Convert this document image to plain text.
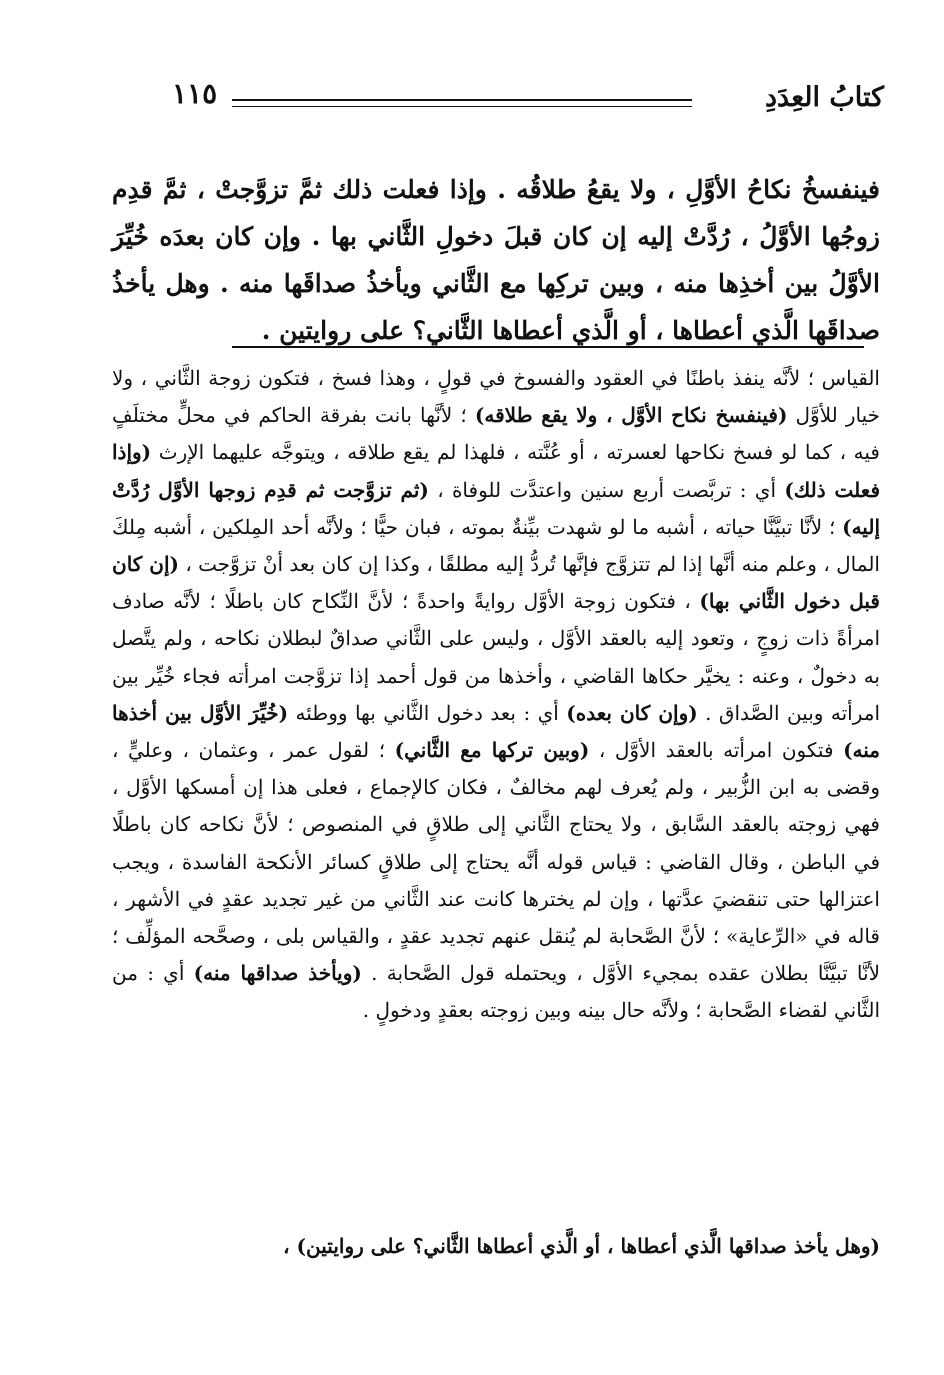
كتابُ العِدَدِ
١١٥
فينفسخُ نكاحُ الأوَّلِ ، ولا يقعُ طلاقُه . وإذا فعلت ذلك ثمَّ تزوَّجتْ ، ثمَّ قدِم زوجُها الأوَّلُ ، رُدَّتْ إليه إن كان قبلَ دخولِ الثَّاني بها . وإن كان بعدَه خُيِّرَ الأوَّلُ بين أخذِها منه ، وبين تركِها مع الثَّاني ويأخذُ صداقَها منه . وهل يأخذُ صداقَها الَّذي أعطاها ، أو الَّذي أعطاها الثَّاني؟ على روايتين .
القياس ؛ لأنَّه ينفذ باطنًا في العقود والفسوخ في قولٍ ، وهذا فسخ ، فتكون زوجة الثَّاني ، ولا خيار للأوَّل (فينفسخ نكاح الأوَّل ، ولا يقع طلاقه) ؛ لأنَّها بانت بفرقة الحاكم في محلٍّ مختلَفٍ فيه ، كما لو فسخ نكاحها لعسرته ، أو عُنَّته ، فلهذا لم يقع طلاقه ، ويتوجَّه عليهما الإرث (وإذا فعلت ذلك) أي : تربَّصت أربع سنين واعتدَّت للوفاة ، (ثم تزوَّجت ثم قدِم زوجها الأوَّل رُدَّتْ إليه) ؛ لأنَّا تبيَّنَّا حياته ، أشبه ما لو شهدت بيِّنةٌ بموته ، فبان حيًّا ؛ ولأنَّه أحد المِلكين ، أشبه مِلكَ المال ، وعلم منه أنَّها إذا لم تتزوَّج فإنَّها تُردُّ إليه مطلقًا ، وكذا إن كان بعد أنْ تزوَّجت ، (إن كان قبل دخول الثَّاني بها) ، فتكون زوجة الأوَّل روايةً واحدةً ؛ لأنَّ النِّكاح كان باطلًا ؛ لأنَّه صادف امرأةً ذات زوجٍ ، وتعود إليه بالعقد الأوَّل ، وليس على الثَّاني صداقٌ لبطلان نكاحه ، ولم يتَّصل به دخولٌ ، وعنه : يخيَّر حكاها القاضي ، وأخذها من قول أحمد إذا تزوَّجت امرأته فجاء خُيِّر بين امرأته وبين الصَّداق . (وإن كان بعده) أي : بعد دخول الثَّاني بها ووطئه (خُيِّرَ الأوَّل بين أخذها منه) فتكون امرأته بالعقد الأوَّل ، (وبين تركها مع الثَّاني) ؛ لقول عمر ، وعثمان ، وعليٍّ ، وقضى به ابن الزُّبير ، ولم يُعرف لهم مخالفٌ ، فكان كالإجماع ، فعلى هذا إن أمسكها الأوَّل ، فهي زوجته بالعقد السَّابق ، ولا يحتاج الثَّاني إلى طلاقٍ في المنصوص ؛ لأنَّ نكاحه كان باطلًا في الباطن ، وقال القاضي : قياس قوله أنَّه يحتاج إلى طلاقٍ كسائر الأنكحة الفاسدة ، ويجب اعتزالها حتى تنقضيَ عدَّتها ، وإن لم يخترها كانت عند الثَّاني من غير تجديد عقدٍ في الأشهر ، قاله في «الرِّعاية» ؛ لأنَّ الصَّحابة لم يُنقل عنهم تجديد عقدٍ ، والقياس بلى ، وصحَّحه المؤلِّف ؛ لأنَّا تبيَّنَّا بطلان عقده بمجيء الأوَّل ، ويحتمله قول الصَّحابة . (ويأخذ صداقها منه) أي : من الثَّاني لقضاء الصَّحابة ؛ ولأنَّه حال بينه وبين زوجته بعقدٍ ودخولٍ .
(وهل يأخذ صداقها الَّذي أعطاها ، أو الَّذي أعطاها الثَّاني؟ على روايتين) ،
